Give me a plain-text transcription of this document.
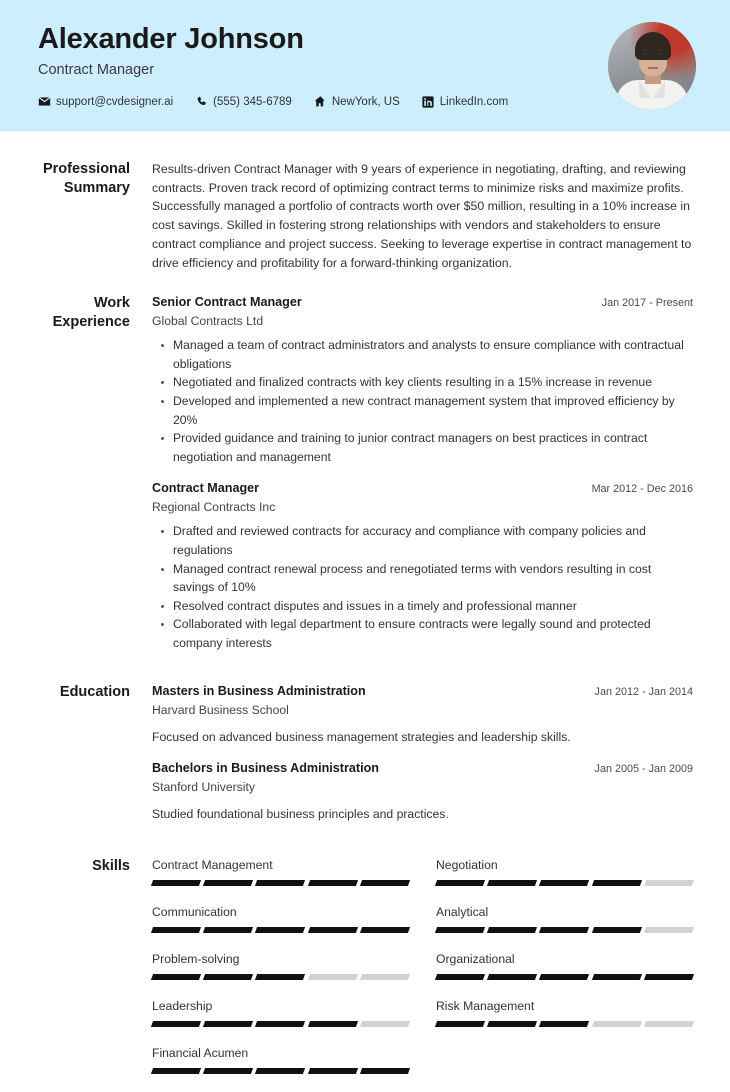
Alexander Johnson
Contract Manager
support@cvdesigner.ai	(555) 345-6789	NewYork, US	LinkedIn.com
Professional Summary
Results-driven Contract Manager with 9 years of experience in negotiating, drafting, and reviewing contracts. Proven track record of optimizing contract terms to minimize risks and maximize profits. Successfully managed a portfolio of contracts worth over $50 million, resulting in a 10% increase in cost savings. Skilled in fostering strong relationships with vendors and stakeholders to ensure contract compliance and project success. Seeking to leverage expertise in contract management to drive efficiency and profitability for a forward-thinking organization.
Work Experience
Senior Contract Manager	Jan 2017 - Present
Global Contracts Ltd
Managed a team of contract administrators and analysts to ensure compliance with contractual obligations
Negotiated and finalized contracts with key clients resulting in a 15% increase in revenue
Developed and implemented a new contract management system that improved efficiency by 20%
Provided guidance and training to junior contract managers on best practices in contract negotiation and management
Contract Manager	Mar 2012 - Dec 2016
Regional Contracts Inc
Drafted and reviewed contracts for accuracy and compliance with company policies and regulations
Managed contract renewal process and renegotiated terms with vendors resulting in cost savings of 10%
Resolved contract disputes and issues in a timely and professional manner
Collaborated with legal department to ensure contracts were legally sound and protected company interests
Education	Masters in Business Administration	Jan 2012 - Jan 2014
Harvard Business School
Focused on advanced business management strategies and leadership skills.
Bachelors in Business Administration	Jan 2005 - Jan 2009
Stanford University
Studied foundational business principles and practices.
Skills	Contract Management	Negotiation
Communication	Analytical
Problem-solving	Organizational
Leadership	Risk Management
Financial Acumen
